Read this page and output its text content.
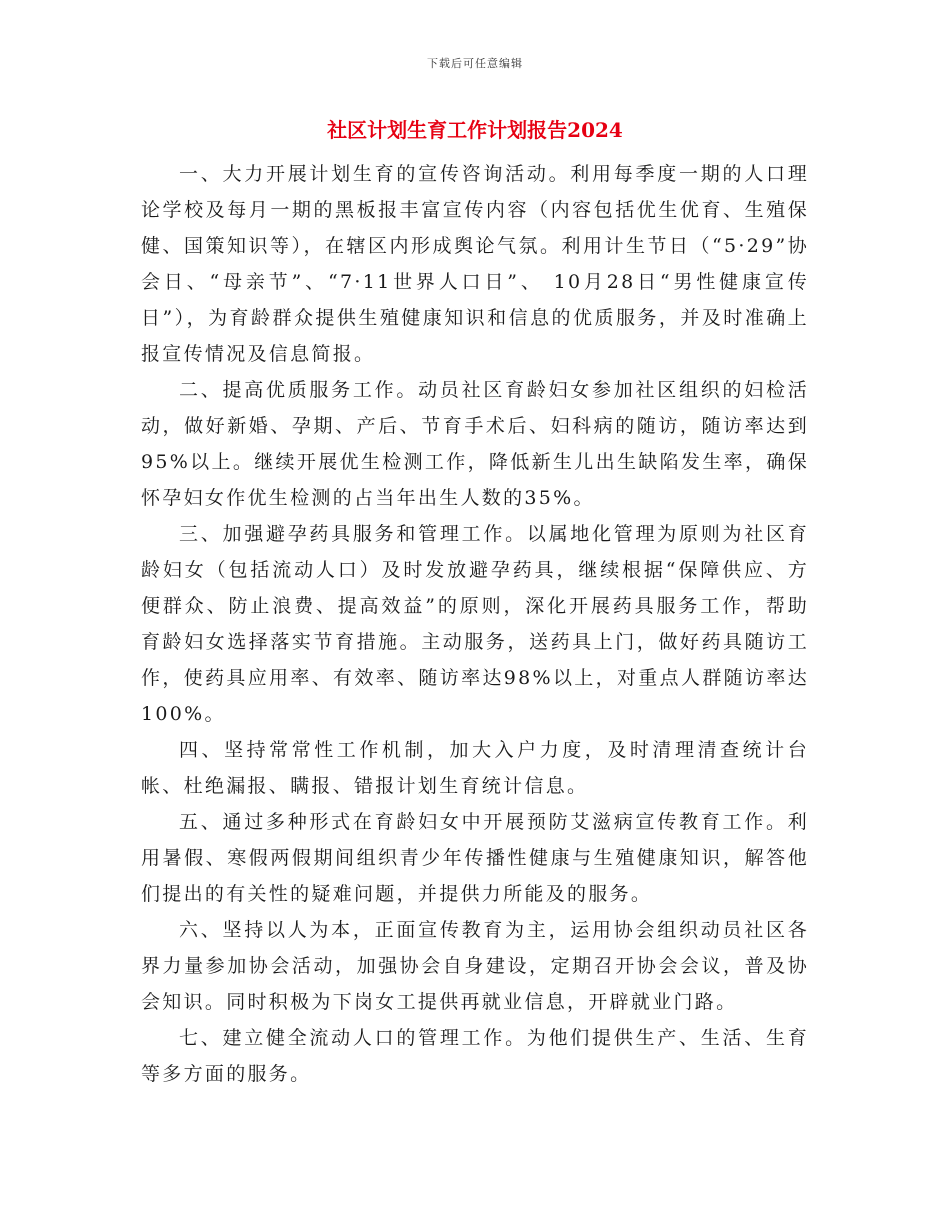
下载后可任意编辑
社区计划生育工作计划报告2024

一、大力开展计划生育的宣传咨询活动。利用每季度一期的人口理论学校及每月一期的黑板报丰富宣传内容（内容包括优生优育、生殖保健、国策知识等），在辖区内形成舆论气氛。利用计生节日（“5·29”协会日、“母亲节”、“7·11世界人口日”、 10月28日“男性健康宣传日”），为育龄群众提供生殖健康知识和信息的优质服务，并及时准确上报宣传情况及信息简报。

二、提高优质服务工作。动员社区育龄妇女参加社区组织的妇检活动，做好新婚、孕期、产后、节育手术后、妇科病的随访，随访率达到95%以上。继续开展优生检测工作，降低新生儿出生缺陷发生率，确保怀孕妇女作优生检测的占当年出生人数的35%。

三、加强避孕药具服务和管理工作。以属地化管理为原则为社区育龄妇女（包括流动人口）及时发放避孕药具，继续根据“保障供应、方便群众、防止浪费、提高效益”的原则，深化开展药具服务工作，帮助育龄妇女选择落实节育措施。主动服务，送药具上门，做好药具随访工作，使药具应用率、有效率、随访率达98%以上，对重点人群随访率达100%。

四、坚持常常性工作机制，加大入户力度，及时清理清查统计台帐、杜绝漏报、瞒报、错报计划生育统计信息。

五、通过多种形式在育龄妇女中开展预防艾滋病宣传教育工作。利用暑假、寒假两假期间组织青少年传播性健康与生殖健康知识，解答他们提出的有关性的疑难问题，并提供力所能及的服务。

六、坚持以人为本，正面宣传教育为主，运用协会组织动员社区各界力量参加协会活动，加强协会自身建设，定期召开协会会议，普及协会知识。同时积极为下岗女工提供再就业信息，开辟就业门路。

七、建立健全流动人口的管理工作。为他们提供生产、生活、生育等多方面的服务。
